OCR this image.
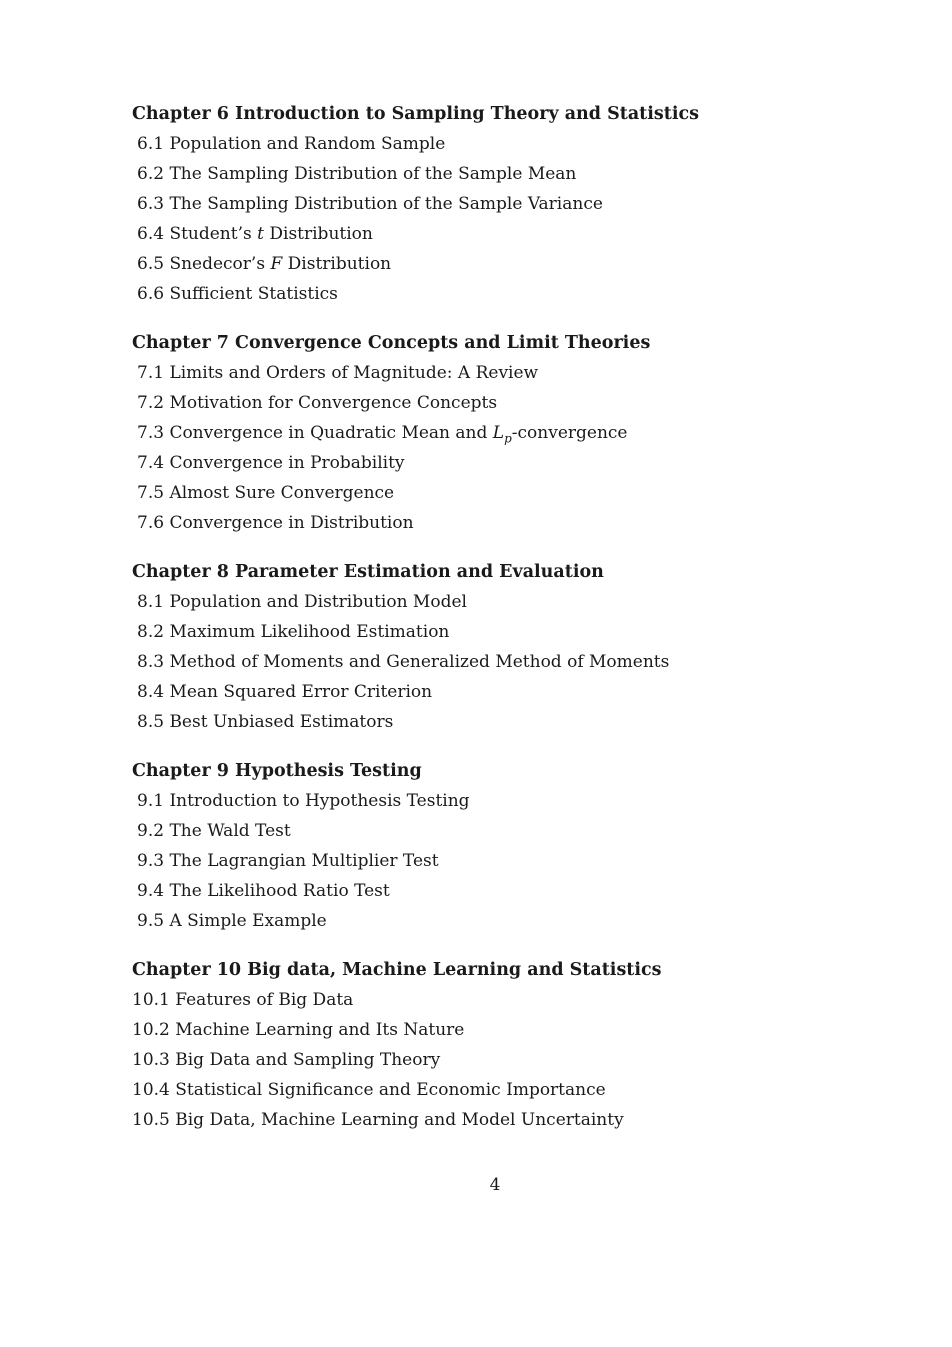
Chapter 6 Introduction to Sampling Theory and Statistics
6.1 Population and Random Sample
6.2 The Sampling Distribution of the Sample Mean
6.3 The Sampling Distribution of the Sample Variance
6.4 Student’s t Distribution
6.5 Snedecor’s F Distribution
6.6 Sufficient Statistics
Chapter 7 Convergence Concepts and Limit Theories
7.1 Limits and Orders of Magnitude: A Review
7.2 Motivation for Convergence Concepts
7.3 Convergence in Quadratic Mean and $L_p$-convergence
7.4 Convergence in Probability
7.5 Almost Sure Convergence
7.6 Convergence in Distribution
Chapter 8 Parameter Estimation and Evaluation
8.1 Population and Distribution Model
8.2 Maximum Likelihood Estimation
8.3 Method of Moments and Generalized Method of Moments
8.4 Mean Squared Error Criterion
8.5 Best Unbiased Estimators
Chapter 9 Hypothesis Testing
9.1 Introduction to Hypothesis Testing
9.2 The Wald Test
9.3 The Lagrangian Multiplier Test
9.4 The Likelihood Ratio Test
9.5 A Simple Example
Chapter 10 Big data, Machine Learning and Statistics
10.1 Features of Big Data
10.2 Machine Learning and Its Nature
10.3 Big Data and Sampling Theory
10.4 Statistical Significance and Economic Importance
10.5 Big Data, Machine Learning and Model Uncertainty
4
